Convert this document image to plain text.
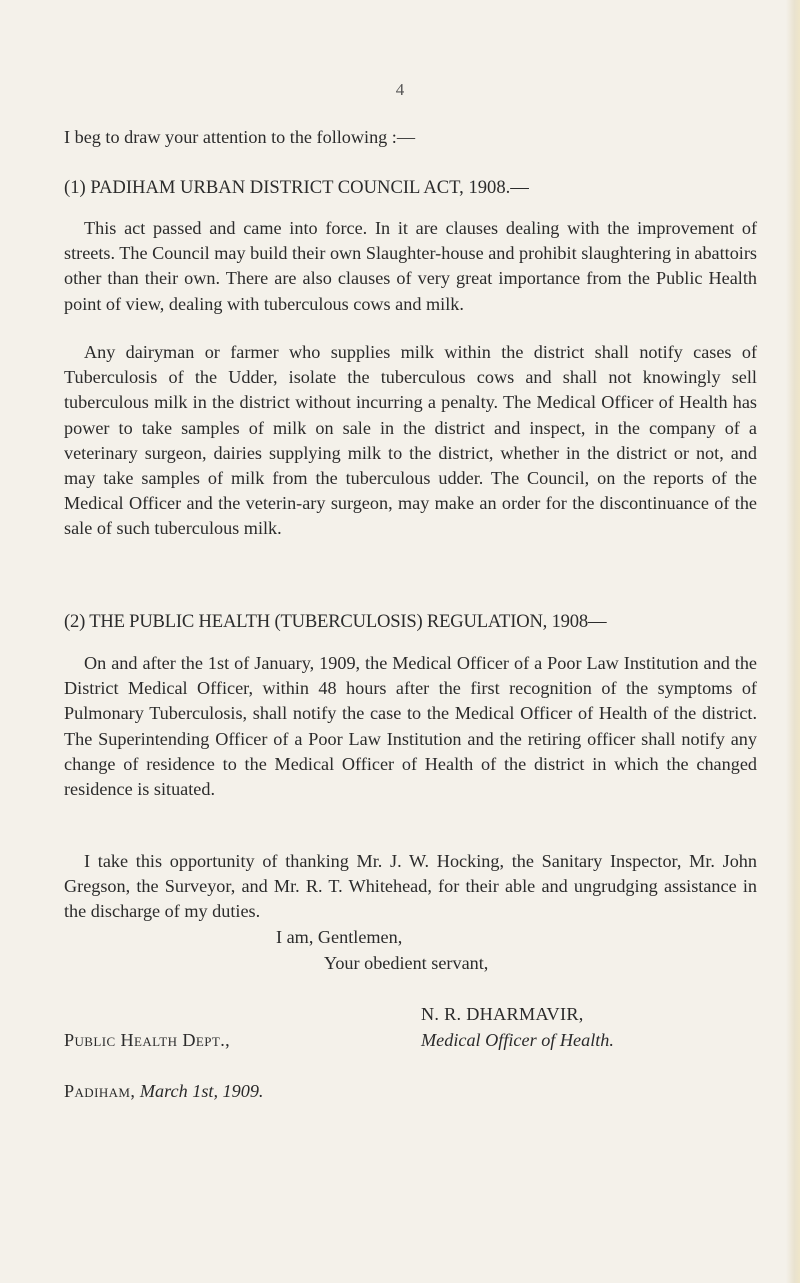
4
I beg to draw your attention to the following :—
(1) PADIHAM URBAN DISTRICT COUNCIL ACT, 1908.—
This act passed and came into force. In it are clauses dealing with the improvement of streets. The Council may build their own Slaughter-house and prohibit slaughtering in abattoirs other than their own. There are also clauses of very great importance from the Public Health point of view, dealing with tuberculous cows and milk.
Any dairyman or farmer who supplies milk within the district shall notify cases of Tuberculosis of the Udder, isolate the tuberculous cows and shall not knowingly sell tuberculous milk in the district without incurring a penalty. The Medical Officer of Health has power to take samples of milk on sale in the district and inspect, in the company of a veterinary surgeon, dairies supplying milk to the district, whether in the district or not, and may take samples of milk from the tuberculous udder. The Council, on the reports of the Medical Officer and the veterin-ary surgeon, may make an order for the discontinuance of the sale of such tuberculous milk.
(2) THE PUBLIC HEALTH (TUBERCULOSIS) REGULATION, 1908—
On and after the 1st of January, 1909, the Medical Officer of a Poor Law Institution and the District Medical Officer, within 48 hours after the first recognition of the symptoms of Pulmonary Tuberculosis, shall notify the case to the Medical Officer of Health of the district. The Superintending Officer of a Poor Law Institution and the retiring officer shall notify any change of residence to the Medical Officer of Health of the district in which the changed residence is situated.
I take this opportunity of thanking Mr. J. W. Hocking, the Sanitary Inspector, Mr. John Gregson, the Surveyor, and Mr. R. T. Whitehead, for their able and ungrudging assistance in the discharge of my duties.
I am, Gentlemen,
Your obedient servant,
N. R. DHARMAVIR,
Medical Officer of Health.
Public Health Dept.,
Padiham, March 1st, 1909.
